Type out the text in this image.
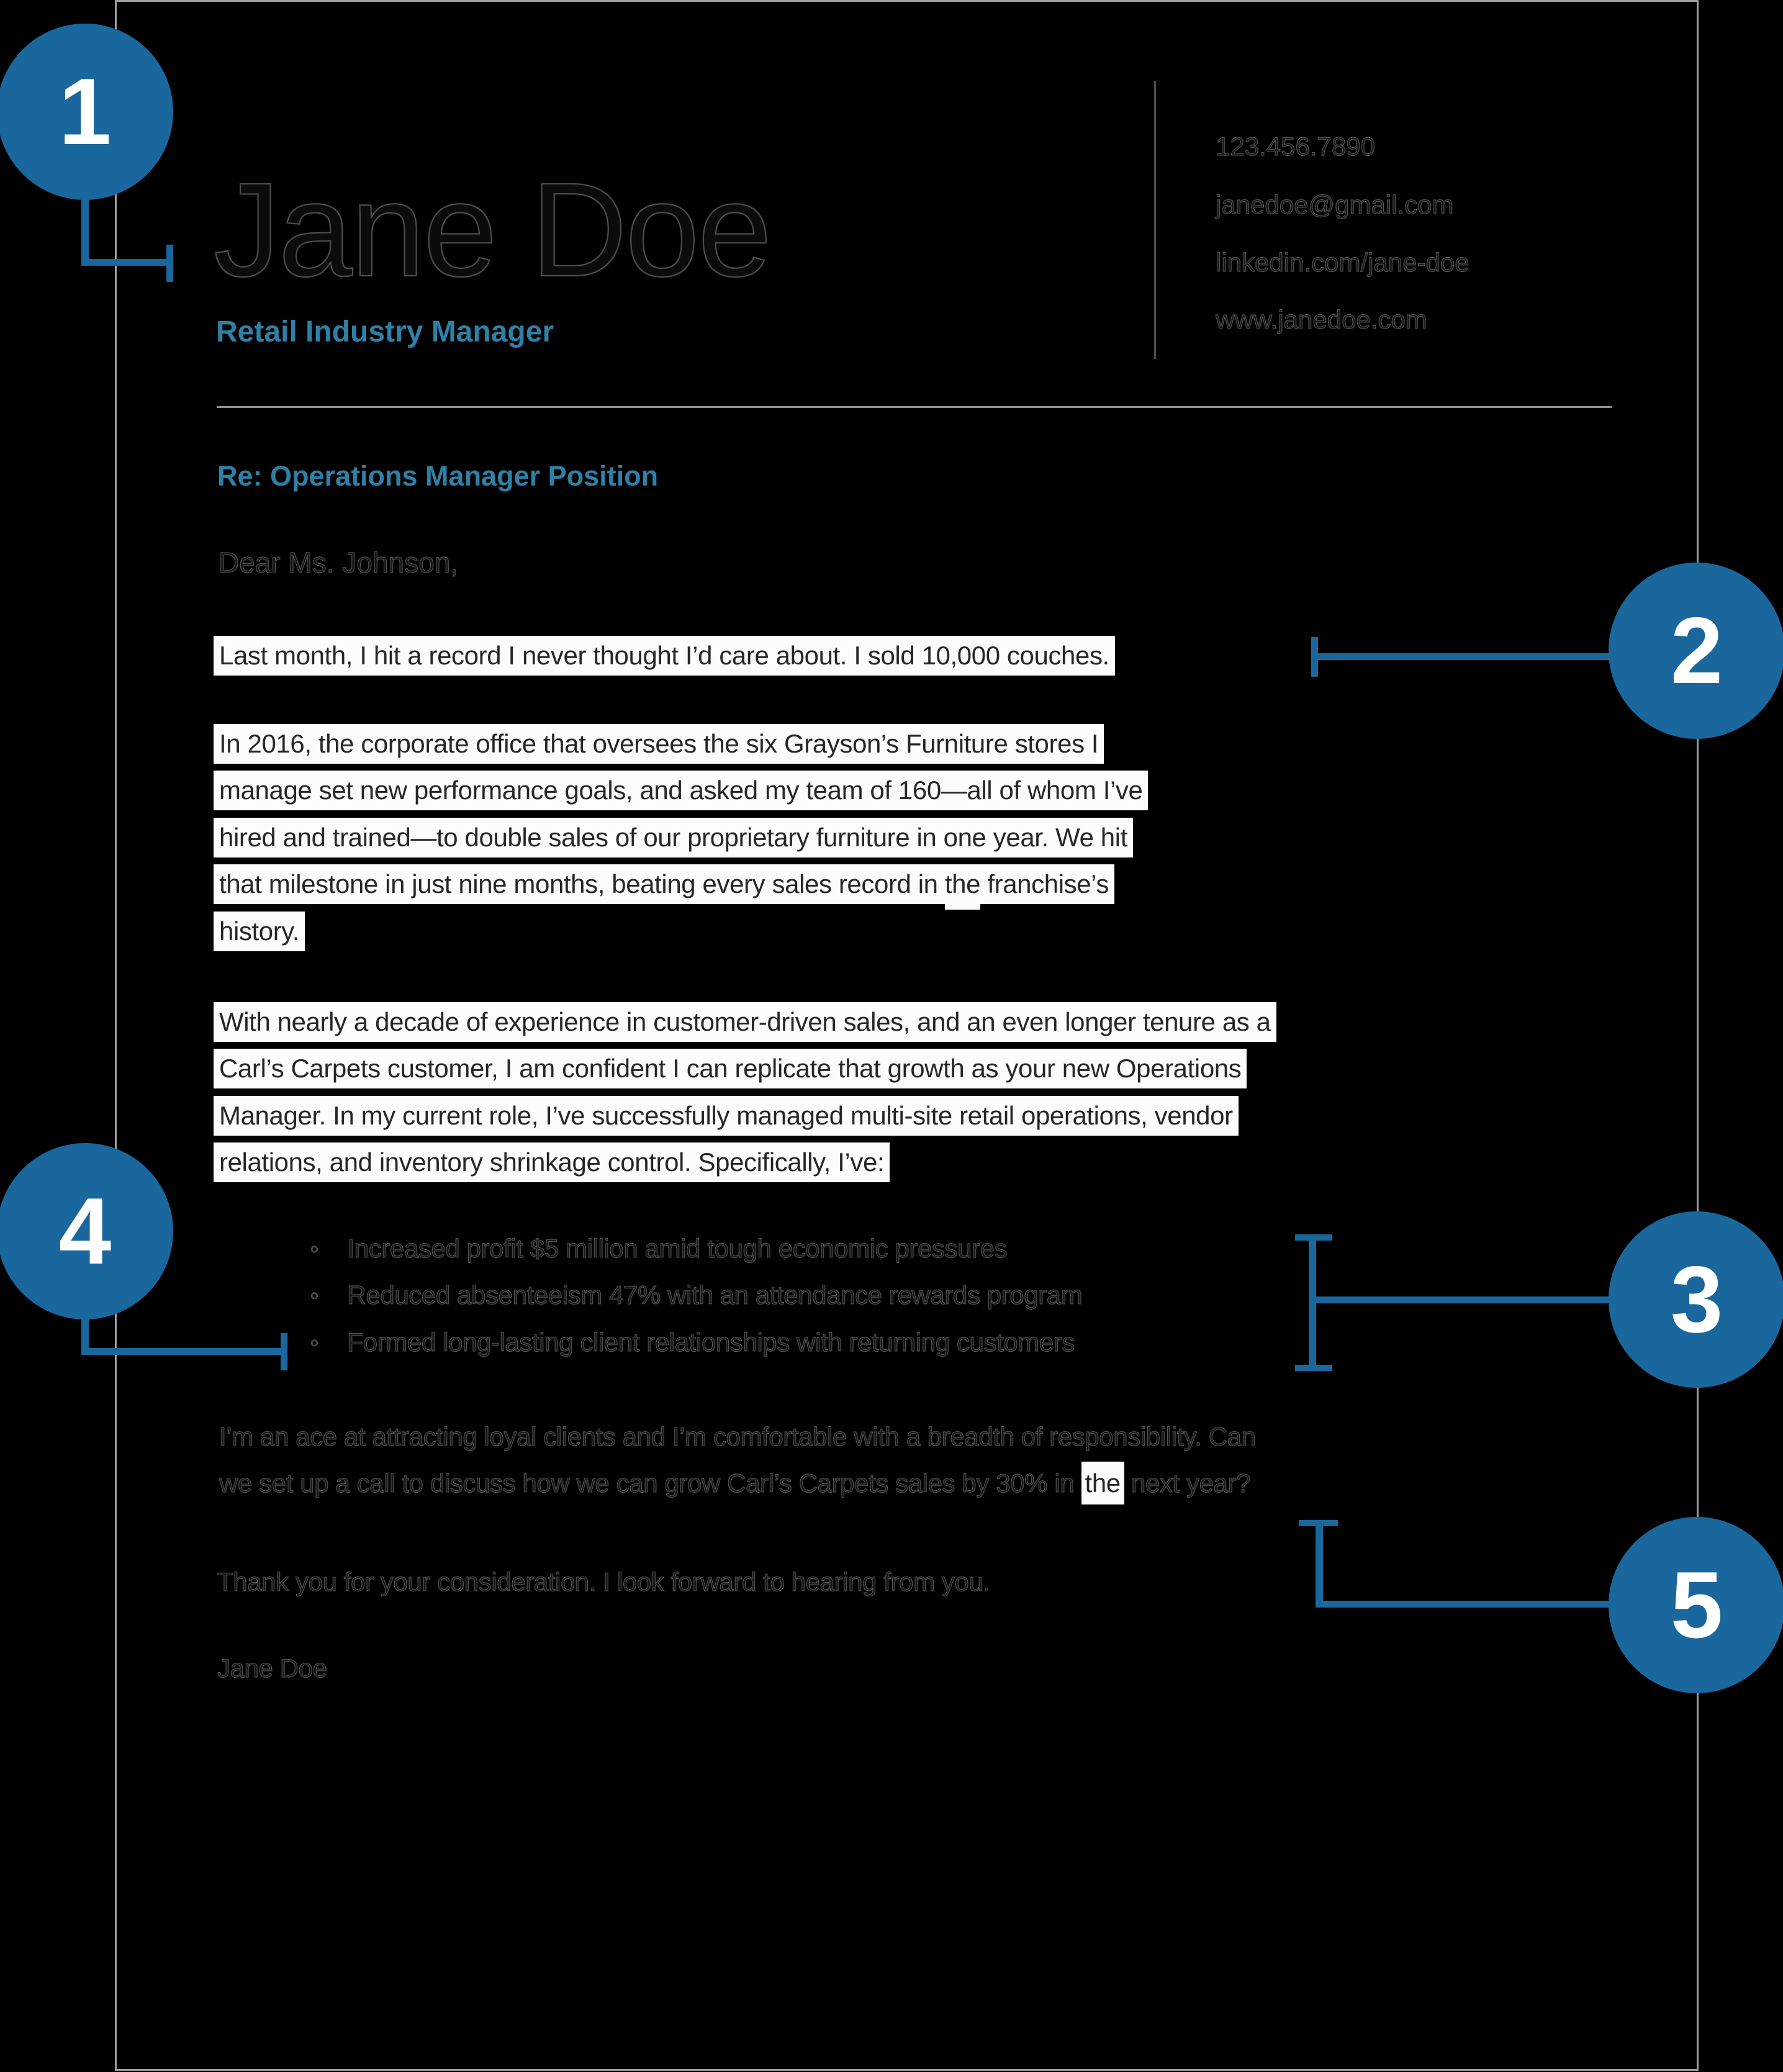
Jane Doe
Retail Industry Manager
123.456.7890
janedoe@gmail.com
linkedin.com/jane-doe
www.janedoe.com
Re: Operations Manager Position
Dear Ms. Johnson,
Last month, I hit a record I never thought I’d care about. I sold 10,000 couches.
In 2016, the corporate office that oversees the six Grayson’s Furniture stores I
manage set new performance goals, and asked my team of 160—all of whom I’ve
hired and trained—to double sales of our proprietary furniture in one year. We hit
that milestone in just nine months, beating every sales record in the franchise’s
history.
With nearly a decade of experience in customer-driven sales, and an even longer tenure as a
Carl’s Carpets customer, I am confident I can replicate that growth as your new Operations
Manager. In my current role, I’ve successfully managed multi-site retail operations, vendor
relations, and inventory shrinkage control. Specifically, I’ve:
◦ Increased profit $5 million amid tough economic pressures
◦ Reduced absenteeism 47% with an attendance rewards program
◦ Formed long-lasting client relationships with returning customers
I’m an ace at attracting loyal clients and I’m comfortable with a breadth of responsibility. Can
we set up a call to discuss how we can grow Carl’s Carpets sales by 30% in the next year?
Thank you for your consideration. I look forward to hearing from you.
Jane Doe
1
2
3
4
5
